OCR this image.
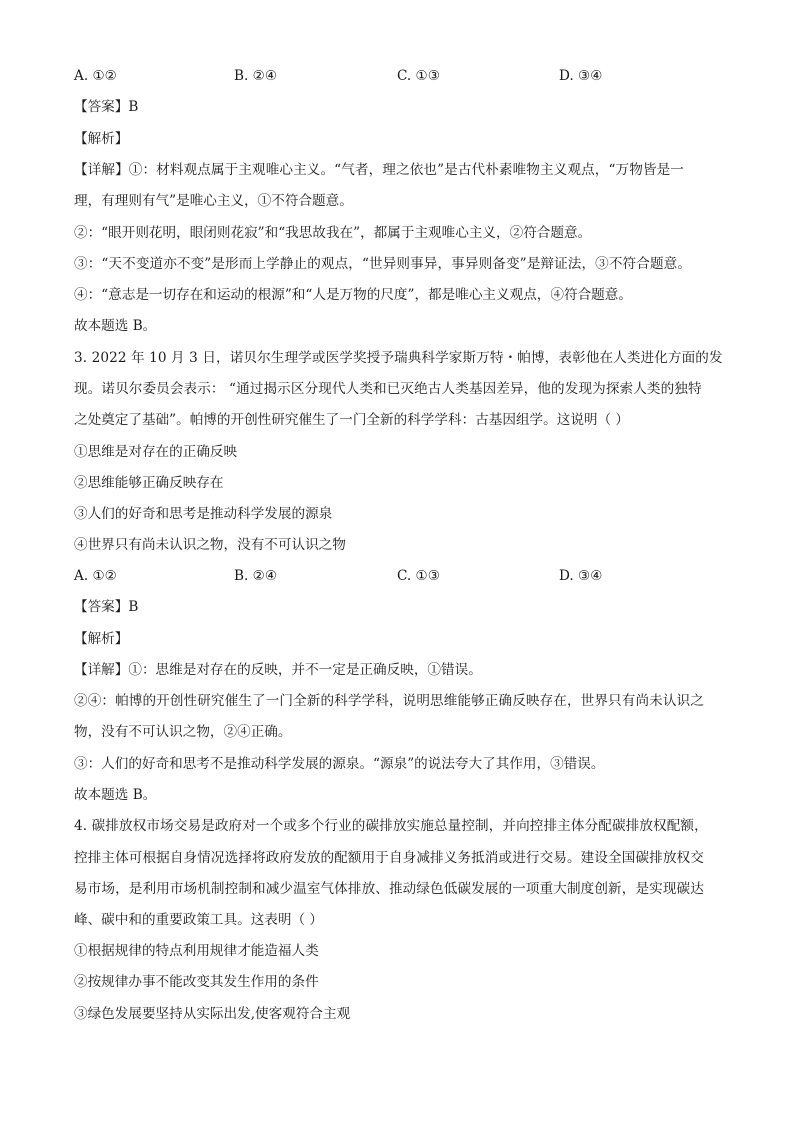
A. ①②	B. ②④	C. ①③	D. ③④
【答案】B
【解析】
【详解】①：材料观点属于主观唯心主义。“气者，理之依也”是古代朴素唯物主义观点，“万物皆是一
理，有理则有气”是唯心主义，①不符合题意。
②：“眼开则花明，眼闭则花寂”和“我思故我在”，都属于主观唯心主义，②符合题意。
③：“天不变道亦不变”是形而上学静止的观点，“世异则事异，事异则备变”是辩证法，③不符合题意。
④：“意志是一切存在和运动的根源”和“人是万物的尺度”，都是唯心主义观点，④符合题意。
故本题选 B。
3. 2022 年 10 月 3 日，诺贝尔生理学或医学奖授予瑞典科学家斯万特・帕博，表彰他在人类进化方面的发
现。诺贝尔委员会表示： “通过揭示区分现代人类和已灭绝古人类基因差异，他的发现为探索人类的独特
之处奠定了基础”。帕博的开创性研究催生了一门全新的科学学科：古基因组学。这说明（ ）
①思维是对存在的正确反映
②思维能够正确反映存在
③人们的好奇和思考是推动科学发展的源泉
④世界只有尚未认识之物，没有不可认识之物
A. ①②	B. ②④	C. ①③	D. ③④
【答案】B
【解析】
【详解】①：思维是对存在的反映，并不一定是正确反映，①错误。
②④：帕博的开创性研究催生了一门全新的科学学科，说明思维能够正确反映存在，世界只有尚未认识之
物，没有不可认识之物，②④正确。
③：人们的好奇和思考不是推动科学发展的源泉。“源泉”的说法夸大了其作用，③错误。
故本题选 B。
4. 碳排放权市场交易是政府对一个或多个行业的碳排放实施总量控制，并向控排主体分配碳排放权配额，
控排主体可根据自身情况选择将政府发放的配额用于自身减排义务抵消或进行交易。建设全国碳排放权交
易市场，是利用市场机制控制和减少温室气体排放、推动绿色低碳发展的一项重大制度创新，是实现碳达
峰、碳中和的重要政策工具。这表明（ ）
①根据规律的特点利用规律才能造福人类
②按规律办事不能改变其发生作用的条件
③绿色发展要坚持从实际出发,使客观符合主观
